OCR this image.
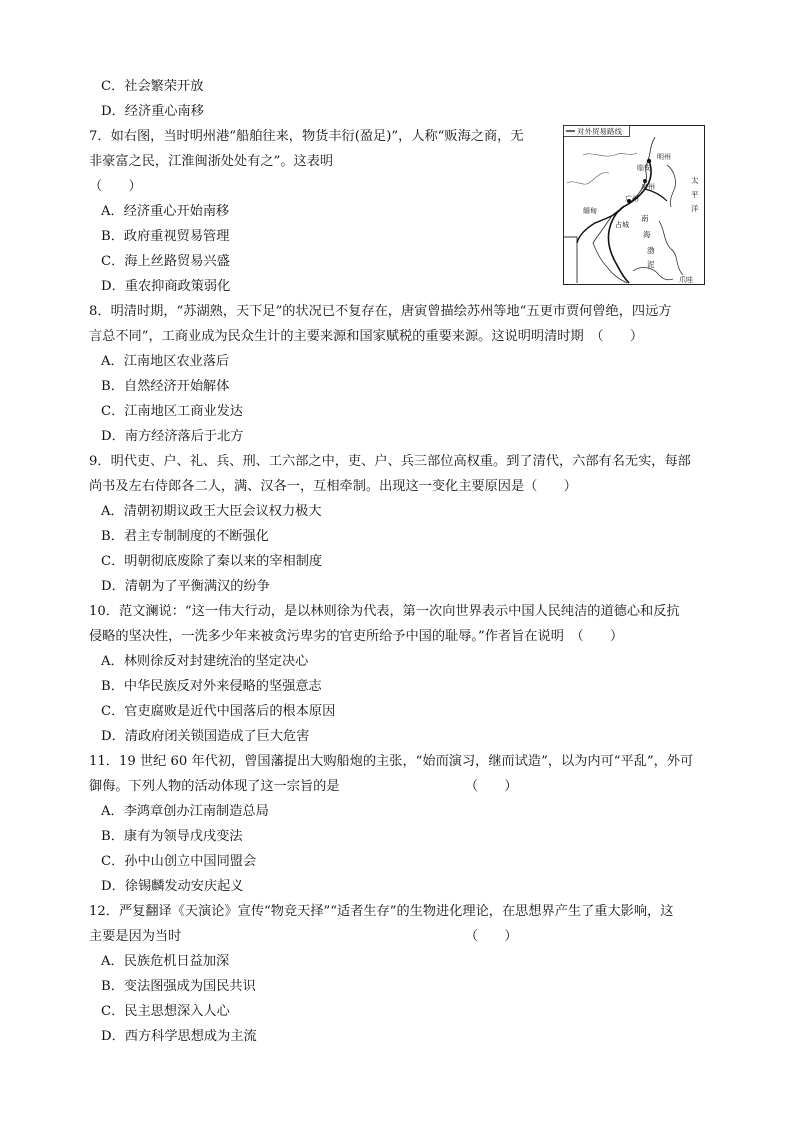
C．社会繁荣开放
D．经济重心南移
7．如右图，当时明州港“船舶往来，物货丰衍(盈足)”，人称“贩海之商，无
非豪富之民，江淮闽浙处处有之”。这表明
（　　）
A．经济重心开始南移
B．政府重视贸易管理
C．海上丝路贸易兴盛
D．重农抑商政策弱化
8．明清时期，“苏湖熟，天下足”的状况已不复存在，唐寅曾描绘苏州等地“五更市贾何曾绝，四远方
言总不同”，工商业成为民众生计的主要来源和国家赋税的重要来源。这说明明清时期　（　　）
A．江南地区农业落后
B．自然经济开始解体
C．江南地区工商业发达
D．南方经济落后于北方
9．明代吏、户、礼、兵、刑、工六部之中，吏、户、兵三部位高权重。到了清代，六部有名无实，每部
尚书及左右侍郎各二人，满、汉各一，互相牵制。出现这一变化主要原因是（　　）
A．清朝初期议政王大臣会议权力极大
B．君主专制制度的不断强化
C．明朝彻底废除了秦以来的宰相制度
D．清朝为了平衡满汉的纷争
10．范文澜说：“这一伟大行动，是以林则徐为代表，第一次向世界表示中国人民纯洁的道德心和反抗
侵略的坚决性，一洗多少年来被贪污卑劣的官吏所给予中国的耻辱。”作者旨在说明　（　　）
A．林则徐反对封建统治的坚定决心
B．中华民族反对外来侵略的坚强意志
C．官吏腐败是近代中国落后的根本原因
D．清政府闭关锁国造成了巨大危害
11．19 世纪 60 年代初，曾国藩提出大购船炮的主张，“始而演习，继而试造”，以为内可“平乱”，外可
御侮。下列人物的活动体现了这一宗旨的是　　　　　　　　　　（　　）
A．李鸿章创办江南制造总局
B．康有为领导戊戌变法
C．孙中山创立中国同盟会
D．徐锡麟发动安庆起义
12．严复翻译《天演论》宣传“物竞天择”“适者生存”的生物进化理论，在思想界产生了重大影响，这
主要是因为当时　　　　　　　　　　　　　　　　　　　　　　（　　）
A．民族危机日益加深
B．变法图强成为国民共识
C．民主思想深入人心
D．西方科学思想成为主流
对外贸易路线
临安
明州
泉州
广州
占城
南
海
渤
泥
太
平
洋
缅甸
爪哇
